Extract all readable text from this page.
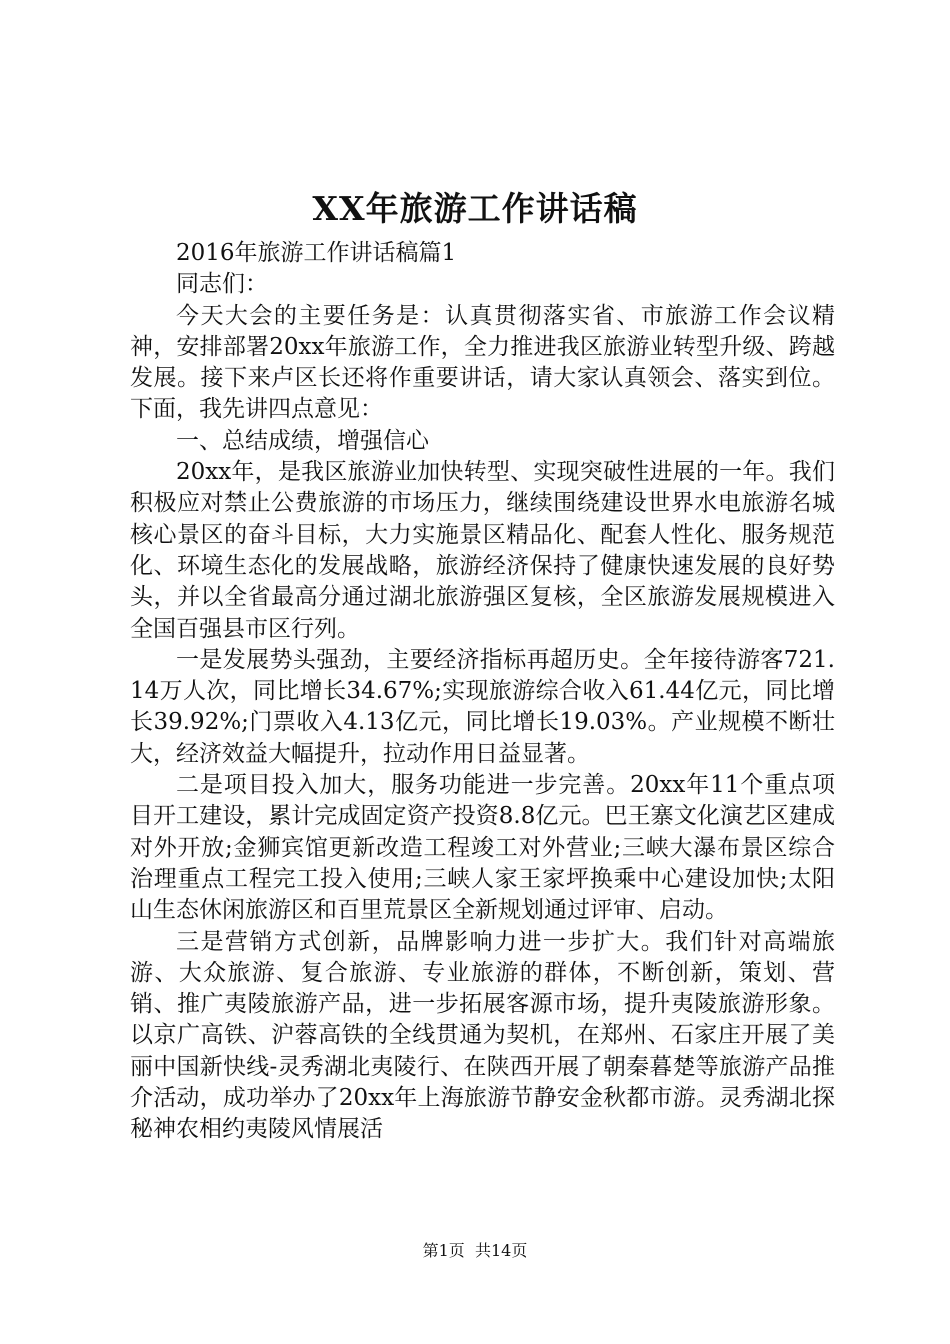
XX年旅游工作讲话稿

2016年旅游工作讲话稿篇1

同志们：

今天大会的主要任务是：认真贯彻落实省、市旅游工作会议精神，安排部署20xx年旅游工作，全力推进我区旅游业转型升级、跨越发展。接下来卢区长还将作重要讲话，请大家认真领会、落实到位。下面，我先讲四点意见：

一、总结成绩，增强信心

20xx年，是我区旅游业加快转型、实现突破性进展的一年。我们积极应对禁止公费旅游的市场压力，继续围绕建设世界水电旅游名城核心景区的奋斗目标，大力实施景区精品化、配套人性化、服务规范化、环境生态化的发展战略，旅游经济保持了健康快速发展的良好势头，并以全省最高分通过湖北旅游强区复核，全区旅游发展规模进入全国百强县市区行列。

一是发展势头强劲，主要经济指标再超历史。全年接待游客721.14万人次，同比增长34.67%;实现旅游综合收入61.44亿元，同比增长39.92%;门票收入4.13亿元，同比增长19.03%。产业规模不断壮大，经济效益大幅提升，拉动作用日益显著。

二是项目投入加大，服务功能进一步完善。20xx年11个重点项目开工建设，累计完成固定资产投资8.8亿元。巴王寨文化演艺区建成对外开放;金狮宾馆更新改造工程竣工对外营业;三峡大瀑布景区综合治理重点工程完工投入使用;三峡人家王家坪换乘中心建设加快;太阳山生态休闲旅游区和百里荒景区全新规划通过评审、启动。

三是营销方式创新，品牌影响力进一步扩大。我们针对高端旅游、大众旅游、复合旅游、专业旅游的群体，不断创新，策划、营销、推广夷陵旅游产品，进一步拓展客源市场，提升夷陵旅游形象。以京广高铁、沪蓉高铁的全线贯通为契机，在郑州、石家庄开展了美丽中国新快线-灵秀湖北夷陵行、在陕西开展了朝秦暮楚等旅游产品推介活动，成功举办了20xx年上海旅游节静安金秋都市游。灵秀湖北探秘神农相约夷陵风情展活

第1页 共14页
